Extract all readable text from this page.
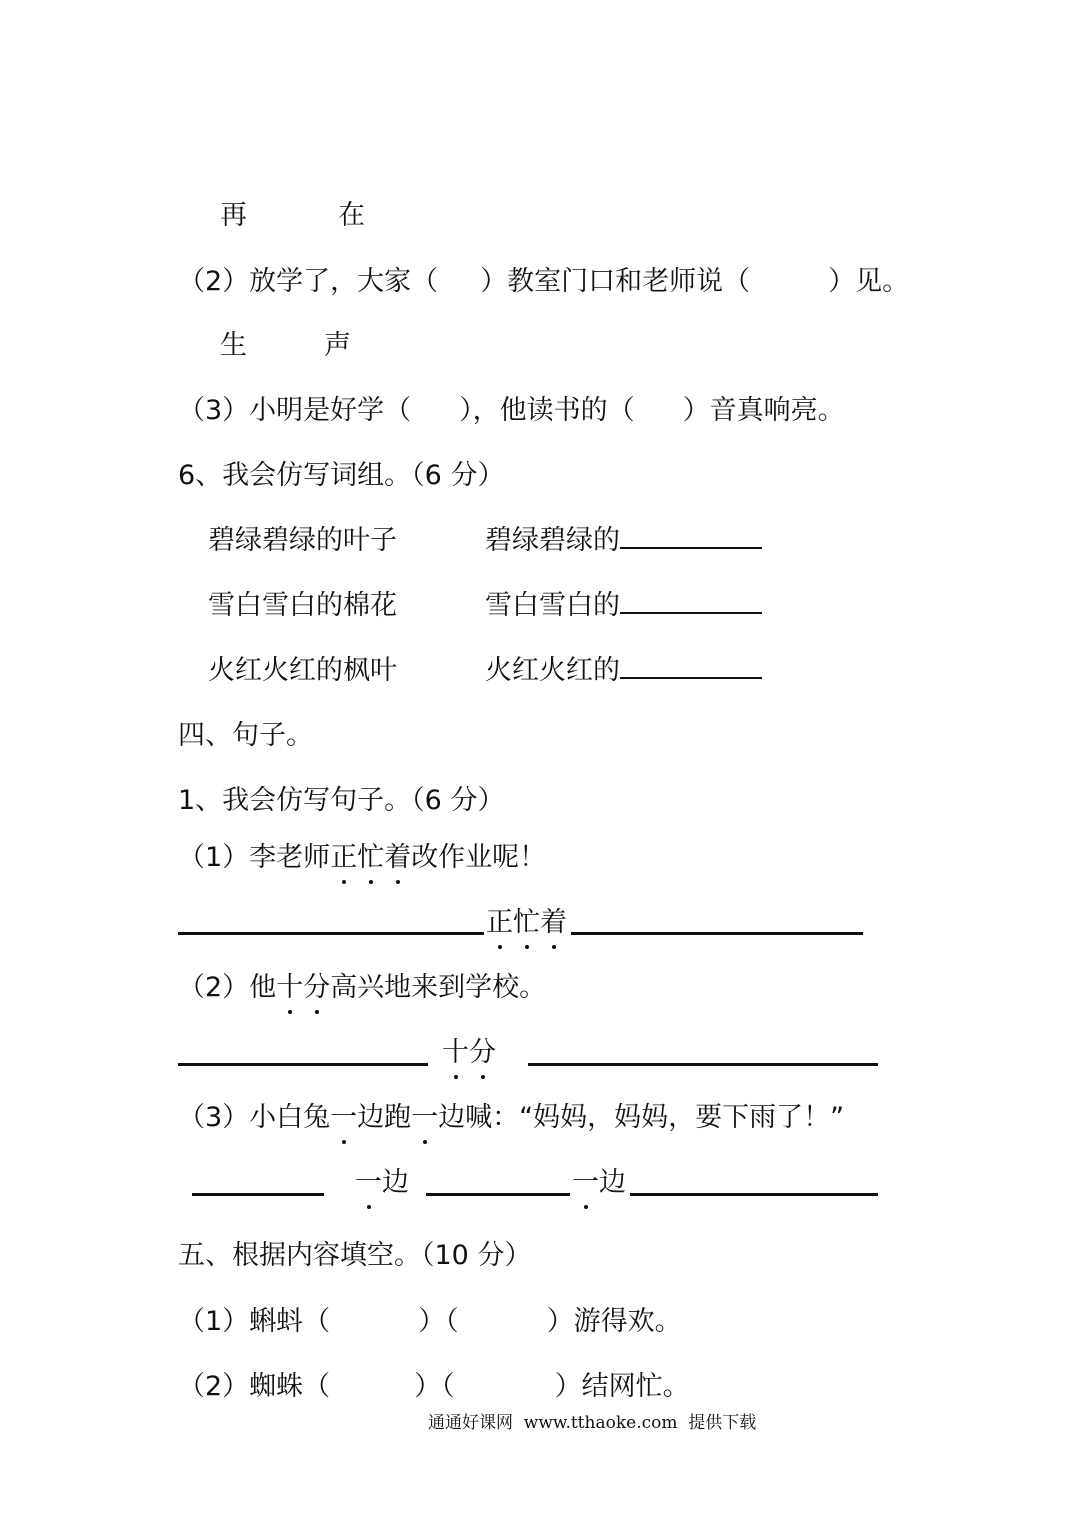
再	在
（2）放学了，大家（ ）教室门口和老师说（	）见。
生	声
（3）小明是好学（ ），他读书的（ ）音真响亮。
6、我会仿写词组。（6 分）
碧绿碧绿的叶子	碧绿碧绿的
雪白雪白的棉花	雪白雪白的
火红火红的枫叶	火红火红的
四、句子。
1、我会仿写句子。（6 分）
（1）李老师正忙着改作业呢！
正忙着
（2）他十分高兴地来到学校。
十分
（3）小白兔一边跑一边喊：“妈妈，妈妈，要下雨了！”
一边	一边
五、根据内容填空。（10 分）
（1）蝌蚪（	）（	）游得欢。
（2）蜘蛛（	）（	）结网忙。
通通好课网  www.tthaoke.com  提供下载
